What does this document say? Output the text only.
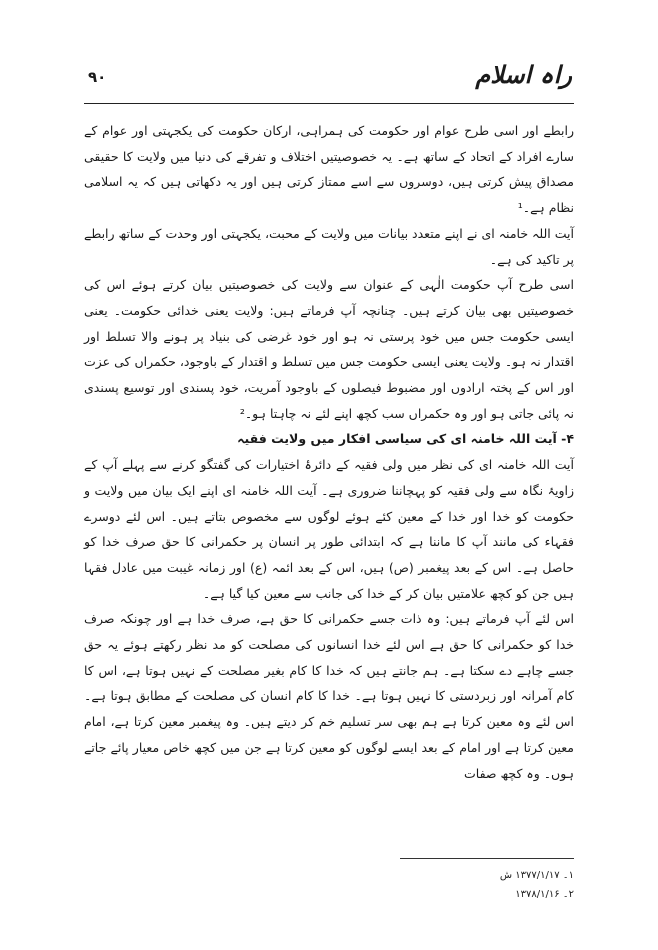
راہ اسلام
۹۰

رابطے اور اسی طرح عوام اور حکومت کی ہمراہی، ارکان حکومت کی یکجہتی اور عوام کے سارے افراد کے اتحاد کے ساتھ ہے۔ یہ خصوصیتیں اختلاف و تفرقے کی دنیا میں ولایت کا حقیقی مصداق پیش کرتی ہیں، دوسروں سے اسے ممتاز کرتی ہیں اور یہ دکھاتی ہیں کہ یہ اسلامی نظام ہے۔¹

آیت اللہ خامنہ ای نے اپنے متعدد بیانات میں ولایت کے محبت، یکجہتی اور وحدت کے ساتھ رابطے پر تاکید کی ہے۔

اسی طرح آپ حکومت الٰہی کے عنوان سے ولایت کی خصوصیتیں بیان کرتے ہوئے اس کی خصوصیتیں بھی بیان کرتے ہیں۔ چنانچہ آپ فرماتے ہیں: ولایت یعنی خدائی حکومت۔ یعنی ایسی حکومت جس میں خود پرستی نہ ہو اور خود غرضی کی بنیاد پر ہونے والا تسلط اور اقتدار نہ ہو۔ ولایت یعنی ایسی حکومت جس میں تسلط و اقتدار کے باوجود، حکمراں کی عزت اور اس کے پختہ ارادوں اور مضبوط فیصلوں کے باوجود آمریت، خود پسندی اور توسیع پسندی نہ پائی جاتی ہو اور وہ حکمراں سب کچھ اپنے لئے نہ چاہتا ہو۔²

۴- آیت اللہ خامنہ ای کی سیاسی افکار میں ولایت فقیہ

آیت اللہ خامنہ ای کی نظر میں ولی فقیہ کے دائرۂ اختیارات کی گفتگو کرنے سے پہلے آپ کے زاویۂ نگاہ سے ولی فقیہ کو پہچاننا ضروری ہے۔ آیت اللہ خامنہ ای اپنے ایک بیان میں ولایت و حکومت کو خدا اور خدا کے معین کئے ہوئے لوگوں سے مخصوص بتاتے ہیں۔ اس لئے دوسرے فقہاء کی مانند آپ کا ماننا ہے کہ ابتدائی طور پر انسان پر حکمرانی کا حق صرف خدا کو حاصل ہے۔ اس کے بعد پیغمبر (ص) ہیں، اس کے بعد ائمہ (ع) اور زمانہ غیبت میں عادل فقہا ہیں جن کو کچھ علامتیں بیان کر کے خدا کی جانب سے معین کیا گیا ہے۔

اس لئے آپ فرماتے ہیں: وہ ذات جسے حکمرانی کا حق ہے، صرف خدا ہے اور چونکہ صرف خدا کو حکمرانی کا حق ہے اس لئے خدا انسانوں کی مصلحت کو مد نظر رکھتے ہوئے یہ حق جسے چاہے دے سکتا ہے۔ ہم جانتے ہیں کہ خدا کا کام بغیر مصلحت کے نہیں ہوتا ہے، اس کا کام آمرانہ اور زبردستی کا نہیں ہوتا ہے۔ خدا کا کام انسان کی مصلحت کے مطابق ہوتا ہے۔ اس لئے وہ معین کرتا ہے ہم بھی سر تسلیم خم کر دیتے ہیں۔ وہ پیغمبر معین کرتا ہے، امام معین کرتا ہے اور امام کے بعد ایسے لوگوں کو معین کرتا ہے جن میں کچھ خاص معیار پائے جاتے ہوں۔ وہ کچھ صفات

۱۔ ۱۳۷۷/۱/۱۷ ش
۲۔ ۱۳۷۸/۱/۱۶
